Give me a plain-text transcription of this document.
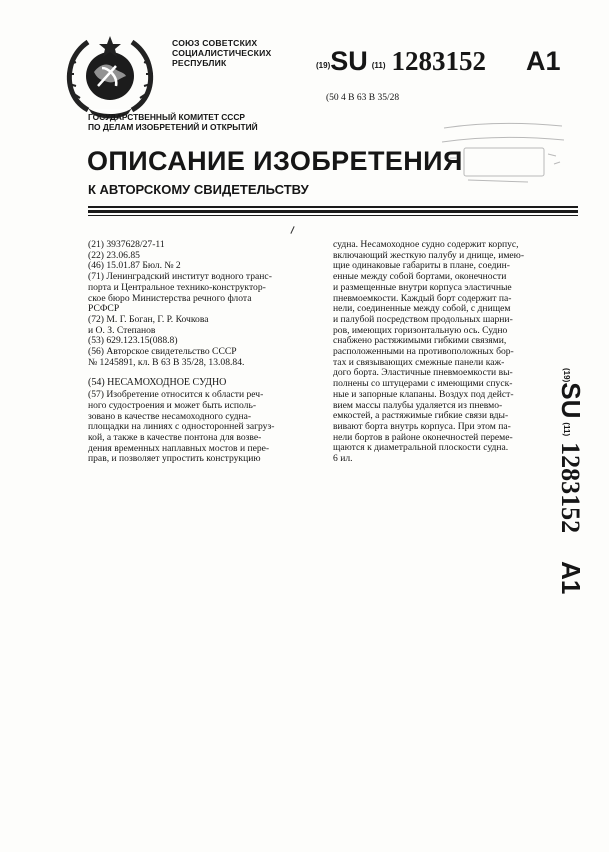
СОЮЗ СОВЕТСКИХ
СОЦИАЛИСТИЧЕСКИХ
РЕСПУБЛИК	(19)SU (11) 1283152 A1
(50 4 В 63 В 35/28
ГОСУДАРСТВЕННЫЙ КОМИТЕТ СССР
ПО ДЕЛАМ ИЗОБРЕТЕНИЙ И ОТКРЫТИЙ
ОПИСАНИЕ ИЗОБРЕТЕНИЯ
К АВТОРСКОМУ СВИДЕТЕЛЬСТВУ
(21) 3937628/27-11
(22) 23.06.85
(46) 15.01.87 Бюл. № 2
(71) Ленинградский институт водного транс-
порта и Центральное технико-конструктор-
ское бюро Министерства речного флота
РСФСР
(72) М. Г. Боган, Г. Р. Кочкова
и О. З. Степанов
(53) 629.123.15(088.8)
(56) Авторское свидетельство СССР
№ 1245891, кл. В 63 В 35/28, 13.08.84.
(54) НЕСАМОХОДНОЕ СУДНО
(57) Изобретение относится к области реч-
ного судостроения и может быть исполь-
зовано в качестве несамоходного судна-
площадки на линиях с односторонней загруз-
кой, а также в качестве понтона для возве-
дения временных наплавных мостов и пере-
прав, и позволяет упростить конструкцию
судна. Несамоходное судно содержит корпус,
включающий жесткую палубу и днище, имею-
щие одинаковые габариты в плане, соедин-
енные между собой бортами, оконечности
и размещенные внутри корпуса эластичные
пневмоемкости. Каждый борт содержит па-
нели, соединенные между собой, с днищем
и палубой посредством продольных шарни-
ров, имеющих горизонтальную ось. Судно
снабжено растяжимыми гибкими связями,
расположенными на противоположных бор-
тах и связывающих смежные панели каж-
дого борта. Эластичные пневмоемкости вы-
полнены со штуцерами с имеющими спуск-
ные и запорные клапаны. Воздух под дейст-
вием массы палубы удаляется из пневмо-
емкостей, а растяжимые гибкие связи вды-
вивают борта внутрь корпуса. При этом па-
нели бортов в районе оконечностей переме-
щаются к диаметральной плоскости судна.
6 ил.
(19)SU(11)1283152A1
